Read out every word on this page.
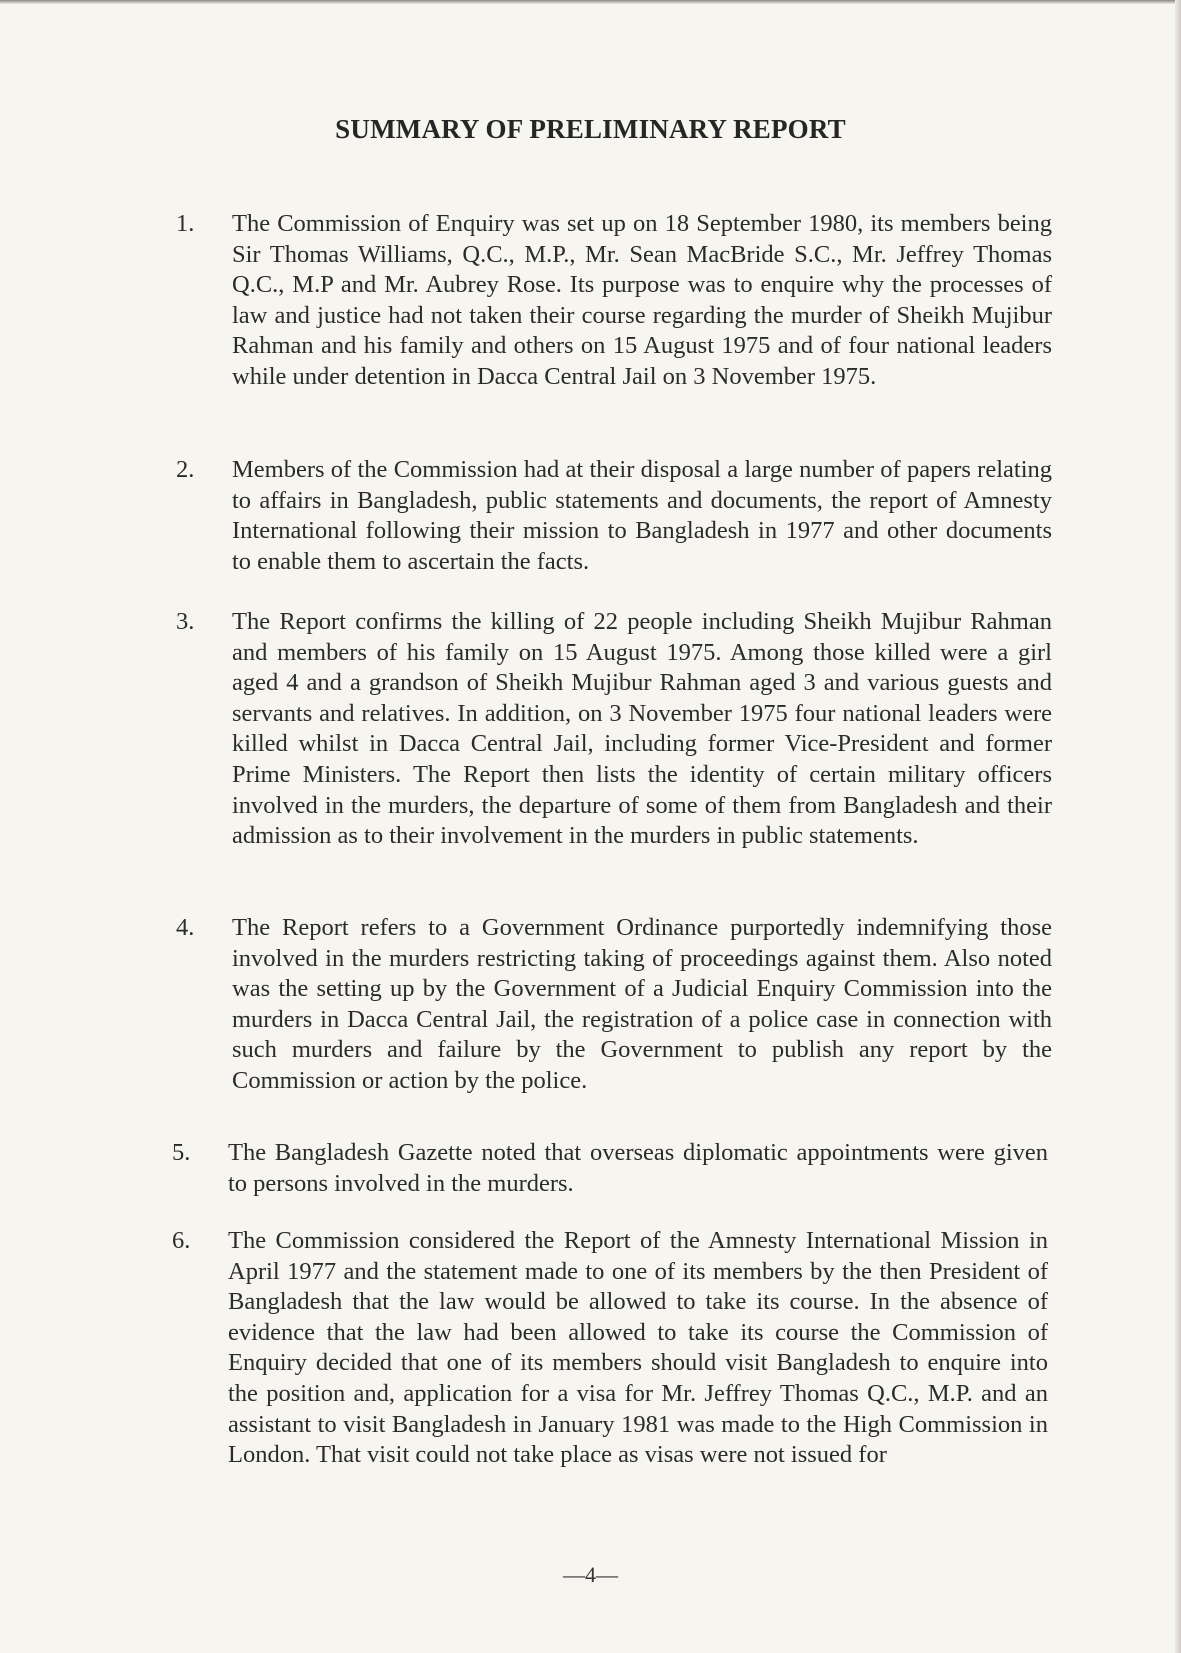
SUMMARY OF PRELIMINARY REPORT
1. The Commission of Enquiry was set up on 18 September 1980, its members being Sir Thomas Williams, Q.C., M.P., Mr. Sean MacBride S.C., Mr. Jeffrey Thomas Q.C., M.P and Mr. Aubrey Rose. Its purpose was to enquire why the processes of law and justice had not taken their course regarding the murder of Sheikh Mujibur Rahman and his family and others on 15 August 1975 and of four national leaders while under detention in Dacca Central Jail on 3 November 1975.
2. Members of the Commission had at their disposal a large number of papers relating to affairs in Bangladesh, public statements and documents, the report of Amnesty International following their mission to Bangladesh in 1977 and other documents to enable them to ascertain the facts.
3. The Report confirms the killing of 22 people including Sheikh Mujibur Rahman and members of his family on 15 August 1975. Among those killed were a girl aged 4 and a grandson of Sheikh Mujibur Rahman aged 3 and various guests and servants and relatives. In addition, on 3 November 1975 four national leaders were killed whilst in Dacca Central Jail, including former Vice-President and former Prime Ministers. The Report then lists the identity of certain military officers involved in the murders, the departure of some of them from Bangladesh and their admission as to their involvement in the murders in public statements.
4. The Report refers to a Government Ordinance purportedly indemnifying those involved in the murders restricting taking of proceedings against them. Also noted was the setting up by the Government of a Judicial Enquiry Commission into the murders in Dacca Central Jail, the registration of a police case in connection with such murders and failure by the Government to publish any report by the Commission or action by the police.
5. The Bangladesh Gazette noted that overseas diplomatic appointments were given to persons involved in the murders.
6. The Commission considered the Report of the Amnesty International Mission in April 1977 and the statement made to one of its members by the then President of Bangladesh that the law would be allowed to take its course. In the absence of evidence that the law had been allowed to take its course the Commission of Enquiry decided that one of its members should visit Bangladesh to enquire into the position and, application for a visa for Mr. Jeffrey Thomas Q.C., M.P. and an assistant to visit Bangladesh in January 1981 was made to the High Commission in London. That visit could not take place as visas were not issued for
—4—
